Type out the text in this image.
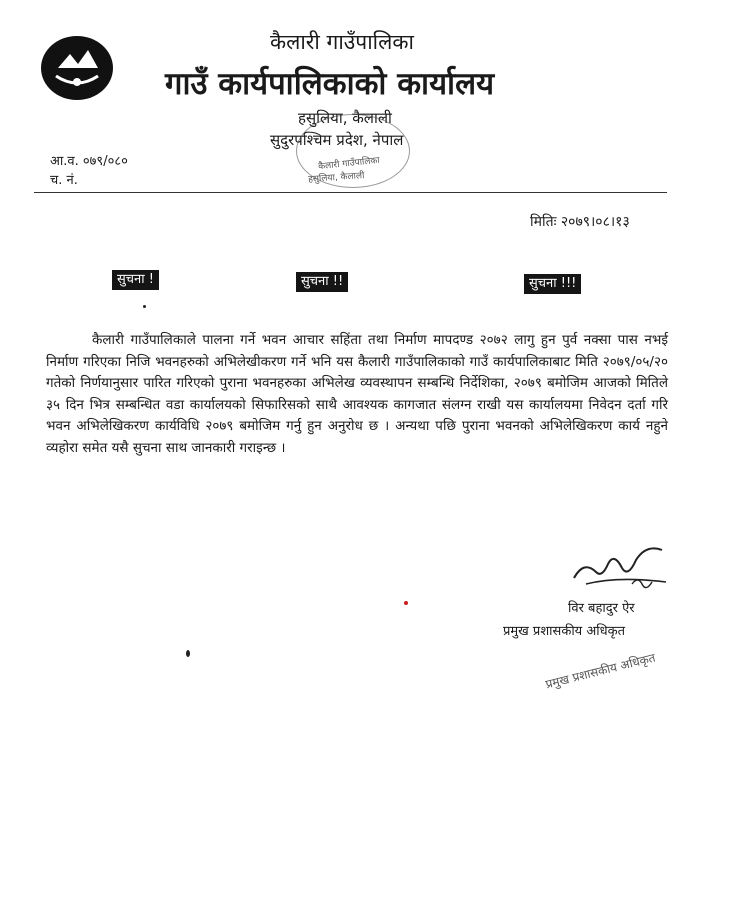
कैलारी गाउँपालिका
गाउँ कार्यपालिकाको कार्यालय
हसुलिया, कैलाली
सुदुरपश्चिम प्रदेश, नेपाल
कैलारी गाउँपालिका
हसुलिया, कैलाली
आ.व. ०७९/०८०
च. नं.
मितिः २०७९।०८।१३
सुचना !	सुचना !!	सुचना !!!

कैलारी गाउँपालिकाले पालना गर्ने भवन आचार सहिंता तथा निर्माण मापदण्ड २०७२ लागु हुन पुर्व नक्सा पास नभई निर्माण गरिएका निजि भवनहरुको अभिलेखीकरण गर्ने भनि यस कैलारी गाउँपालिकाको गाउँ कार्यपालिकाबाट मिति २०७९/०५/२० गतेको निर्णयानुसार पारित गरिएको पुराना भवनहरुका अभिलेख व्यवस्थापन सम्बन्धि निर्देशिका, २०७९ बमोजिम आजको मितिले ३५ दिन भित्र सम्बन्धित वडा कार्यालयको सिफारिसको साथै आवश्यक कागजात संलग्न राखी यस कार्यालयमा निवेदन दर्ता गरि भवन अभिलेखिकरण कार्यविधि २०७९ बमोजिम गर्नु हुन अनुरोध छ । अन्यथा पछि पुराना भवनको अभिलेखिकरण कार्य नहुने व्यहोरा समेत यसै सुचना साथ जानकारी गराइन्छ ।

विर बहादुर ऐर
प्रमुख प्रशासकीय अधिकृत
प्रमुख प्रशासकीय अधिकृत
